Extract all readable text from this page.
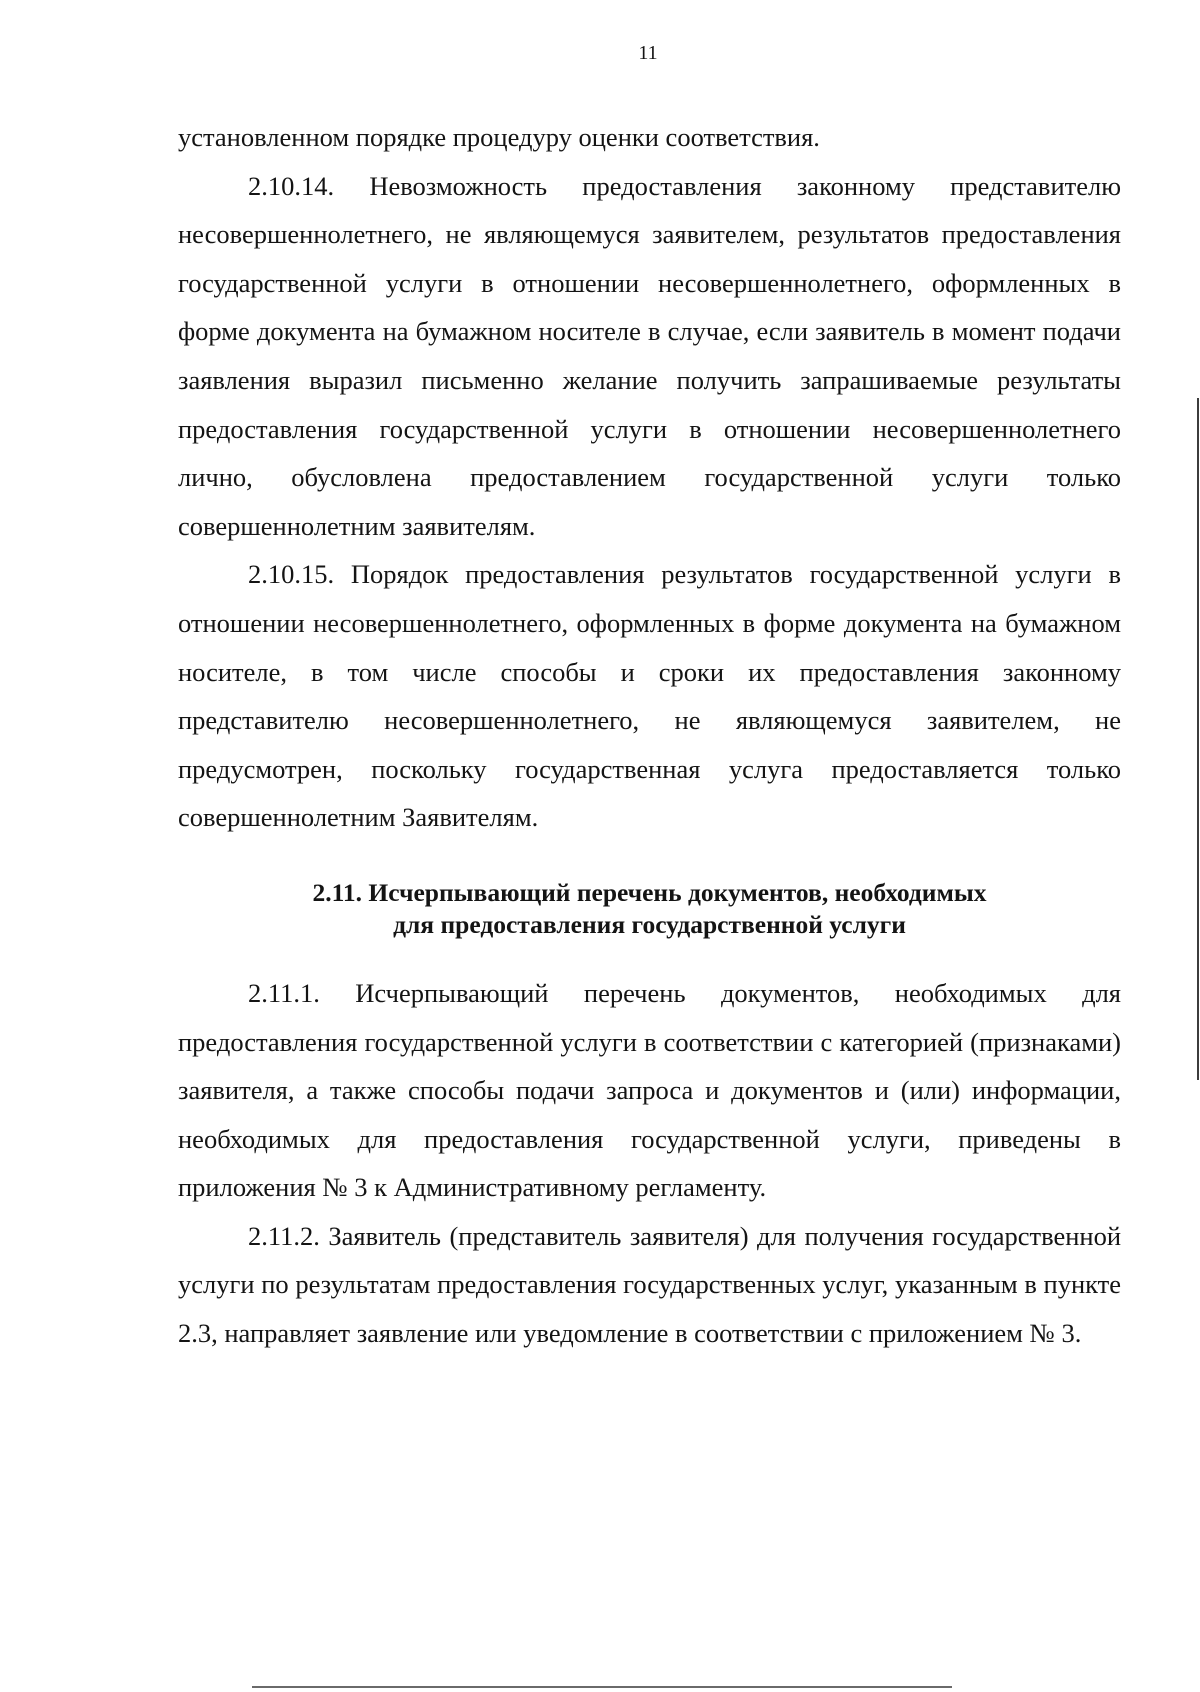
11

установленном порядке процедуру оценки соответствия.

2.10.14. Невозможность предоставления законному представителю несовершеннолетнего, не являющемуся заявителем, результатов предоставления государственной услуги в отношении несовершеннолетнего, оформленных в форме документа на бумажном носителе в случае, если заявитель в момент подачи заявления выразил письменно желание получить запрашиваемые результаты предоставления государственной услуги в отношении несовершеннолетнего лично, обусловлена предоставлением государственной услуги только совершеннолетним заявителям.

2.10.15. Порядок предоставления результатов государственной услуги в отношении несовершеннолетнего, оформленных в форме документа на бумажном носителе, в том числе способы и сроки их предоставления законному представителю несовершеннолетнего, не являющемуся заявителем, не предусмотрен, поскольку государственная услуга предоставляется только совершеннолетним Заявителям.

2.11. Исчерпывающий перечень документов, необходимых
для предоставления государственной услуги

2.11.1. Исчерпывающий перечень документов, необходимых для предоставления государственной услуги в соответствии с категорией (признаками) заявителя, а также способы подачи запроса и документов и (или) информации, необходимых для предоставления государственной услуги, приведены в приложения № 3 к Административному регламенту.

2.11.2. Заявитель (представитель заявителя) для получения государственной услуги по результатам предоставления государственных услуг, указанным в пункте 2.3, направляет заявление или уведомление в соответствии с приложением № 3.
